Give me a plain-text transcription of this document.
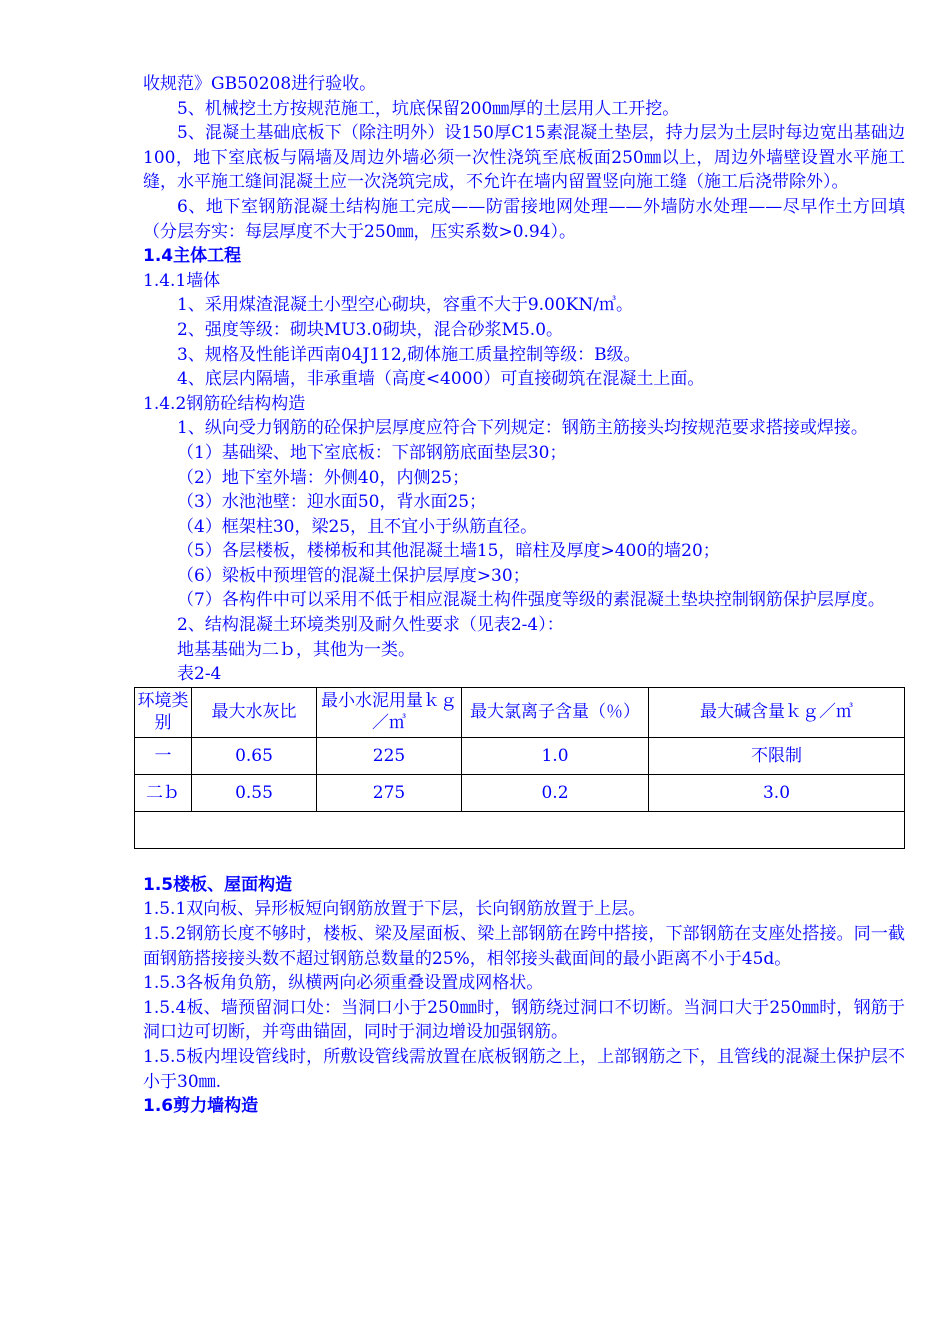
收规范》GB50208进行验收。

5、机械挖土方按规范施工，坑底保留200㎜厚的土层用人工开挖。

5、混凝土基础底板下（除注明外）设150厚C15素混凝土垫层，持力层为土层时每边宽出基础边100，地下室底板与隔墙及周边外墙必须一次性浇筑至底板面250㎜以上，周边外墙壁设置水平施工缝，水平施工缝间混凝土应一次浇筑完成，不允许在墙内留置竖向施工缝（施工后浇带除外）。

6、地下室钢筋混凝土结构施工完成——防雷接地网处理——外墙防水处理——尽早作土方回填（分层夯实：每层厚度不大于250㎜，压实系数>0.94）。

1.4主体工程

1.4.1墙体

1、采用煤渣混凝土小型空心砌块，容重不大于9.00KN/㎥。

2、强度等级：砌块MU3.0砌块，混合砂浆M5.0。

3、规格及性能详西南04J112,砌体施工质量控制等级：B级。

4、底层内隔墙，非承重墙（高度<4000）可直接砌筑在混凝土上面。

1.4.2钢筋砼结构构造

1、纵向受力钢筋的砼保护层厚度应符合下列规定：钢筋主筋接头均按规范要求搭接或焊接。

（1）基础梁、地下室底板：下部钢筋底面垫层30；

（2）地下室外墙：外侧40，内侧25；

（3）水池池壁：迎水面50，背水面25；

（4）框架柱30，梁25，且不宜小于纵筋直径。

（5）各层楼板，楼梯板和其他混凝土墙15，暗柱及厚度>400的墙20；

（6）梁板中预埋管的混凝土保护层厚度>30；

（7）各构件中可以采用不低于相应混凝土构件强度等级的素混凝土垫块控制钢筋保护层厚度。

2、结构混凝土环境类别及耐久性要求（见表2-4）：

地基基础为二ｂ，其他为一类。

表2-4

环境类别	最大水灰比	最小水泥用量ｋｇ／㎥	最大氯离子含量（％）	最大碱含量ｋｇ／㎥
一	0.65	225	1.0	不限制
二ｂ	0.55	275	0.2	3.0

1.5楼板、屋面构造

1.5.1双向板、异形板短向钢筋放置于下层，长向钢筋放置于上层。

1.5.2钢筋长度不够时，楼板、梁及屋面板、梁上部钢筋在跨中搭接，下部钢筋在支座处搭接。同一截面钢筋搭接接头数不超过钢筋总数量的25%，相邻接头截面间的最小距离不小于45d。

1.5.3各板角负筋，纵横两向必须重叠设置成网格状。

1.5.4板、墙预留洞口处：当洞口小于250㎜时，钢筋绕过洞口不切断。当洞口大于250㎜时，钢筋于洞口边可切断，并弯曲锚固，同时于洞边增设加强钢筋。

1.5.5板内埋设管线时，所敷设管线需放置在底板钢筋之上，上部钢筋之下，且管线的混凝土保护层不小于30㎜.

1.6剪力墙构造
